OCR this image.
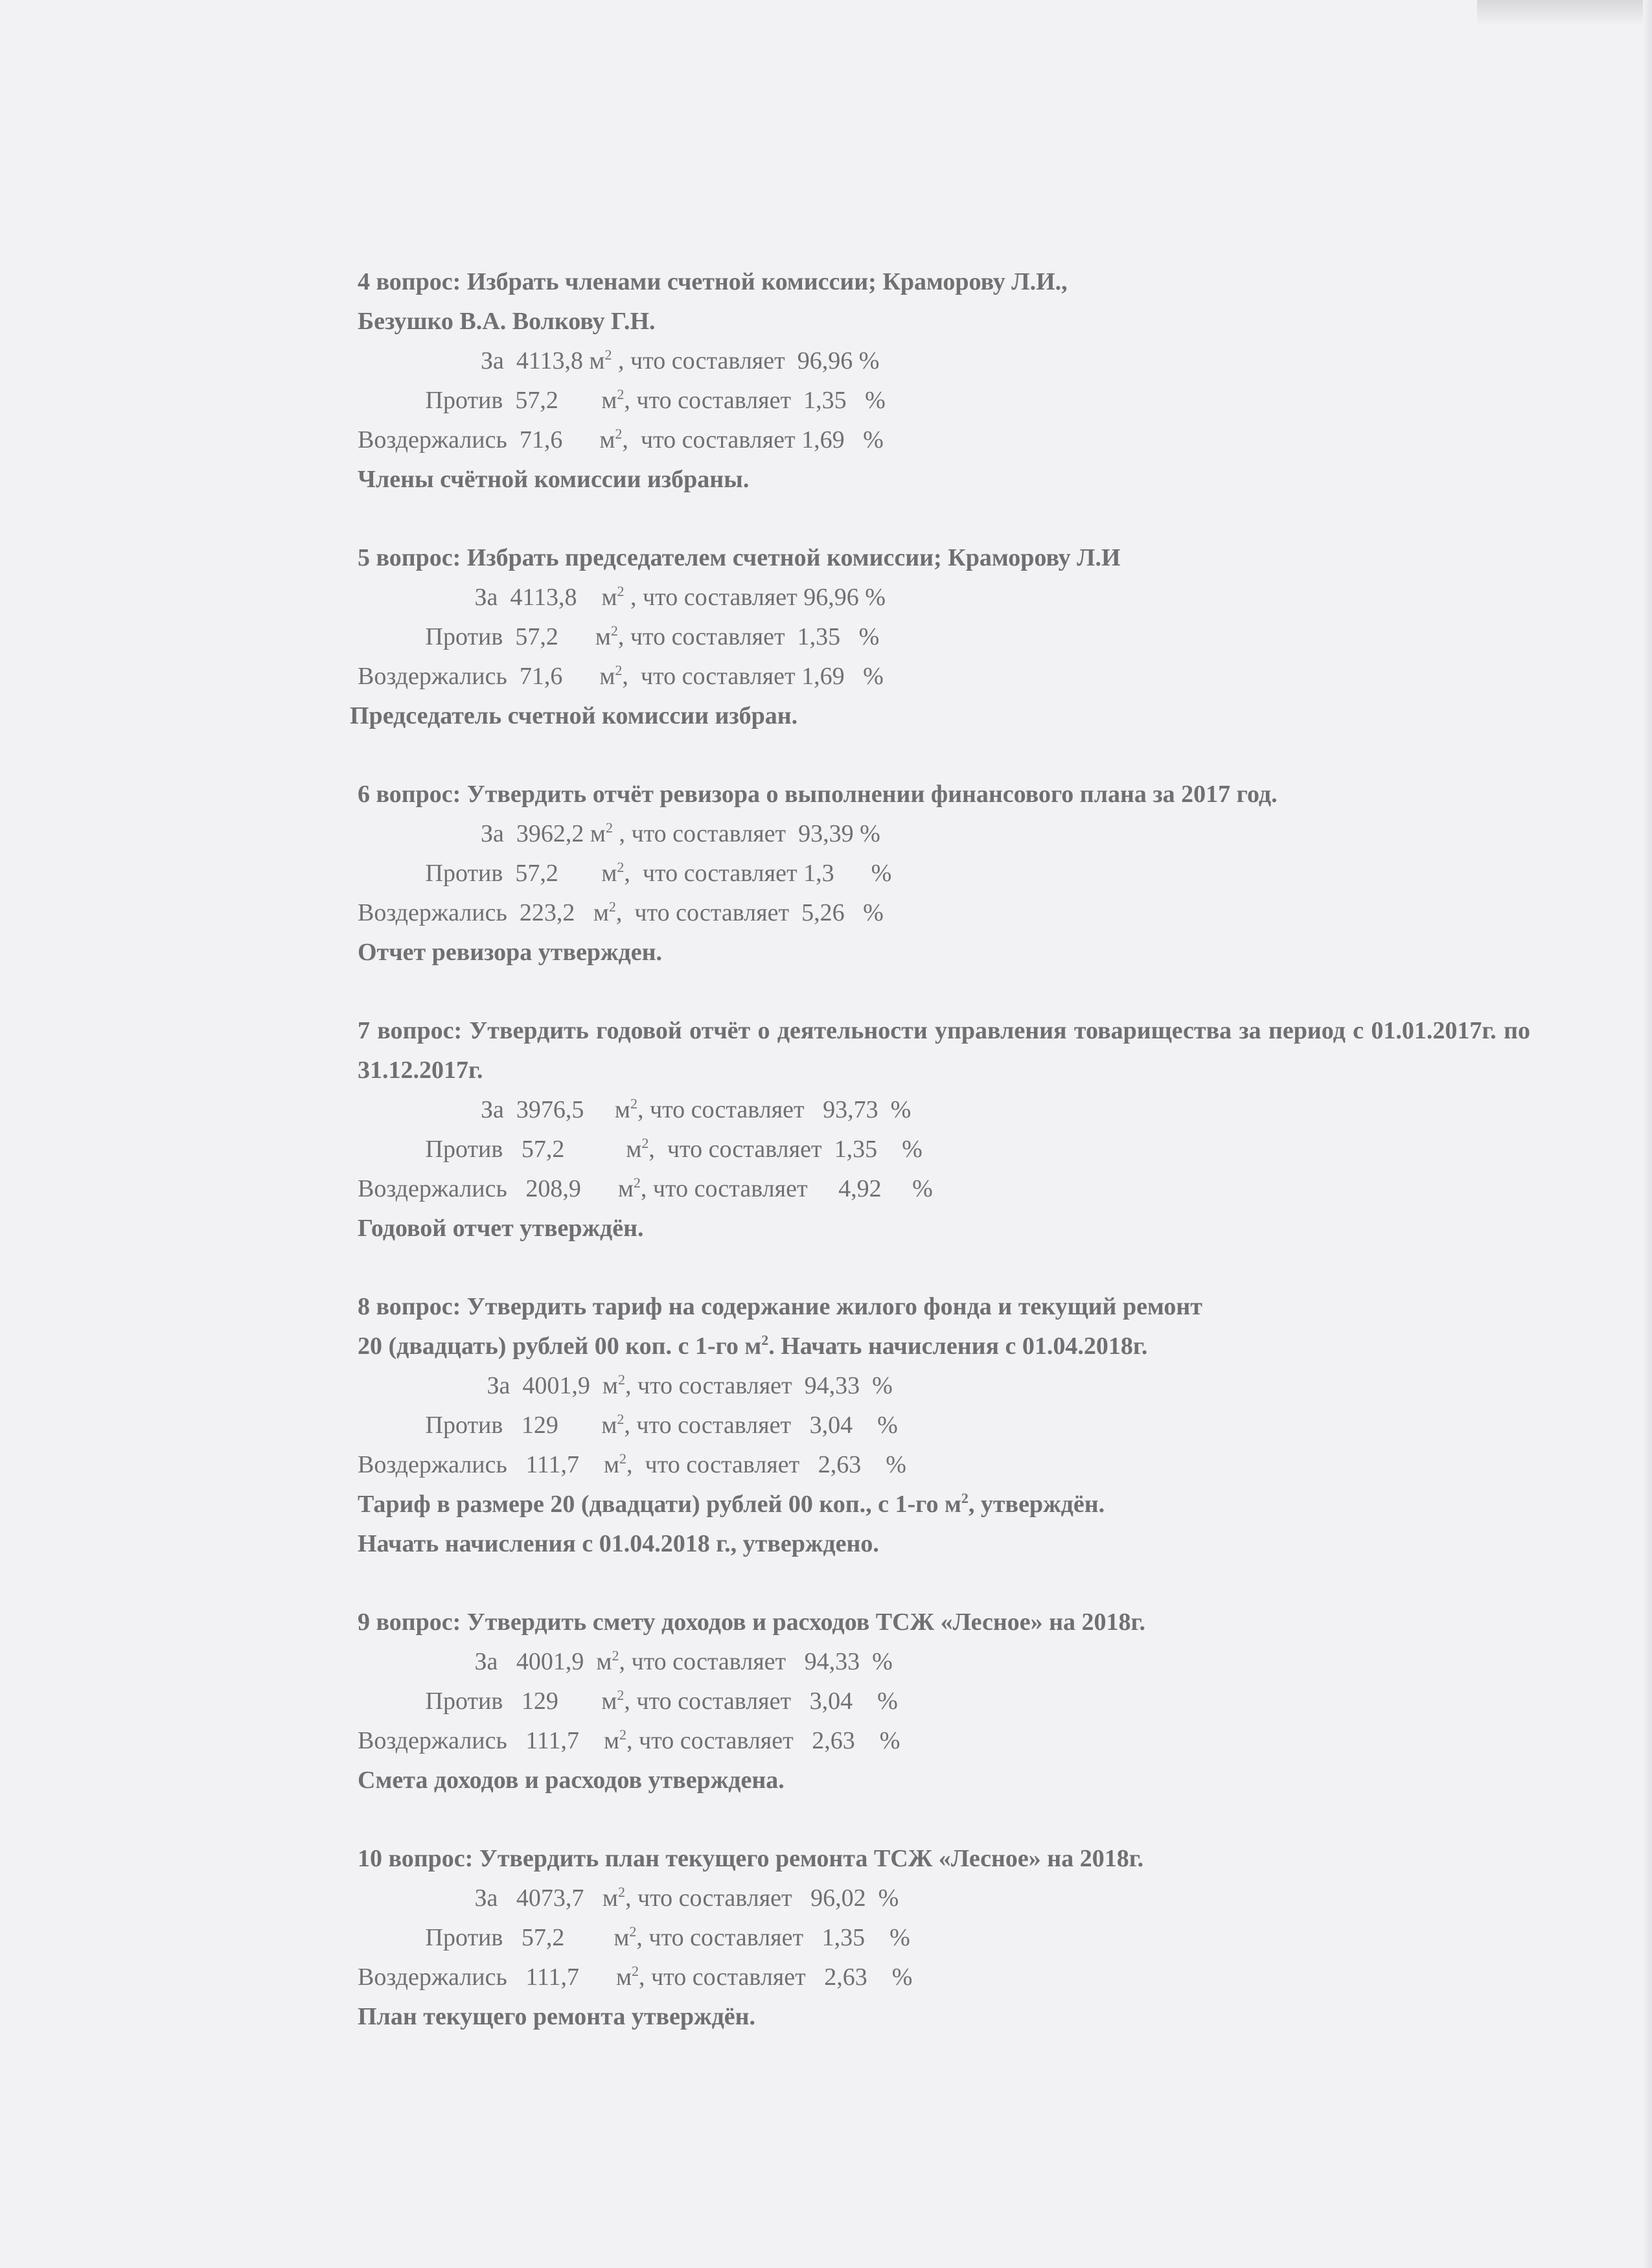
4 вопрос: Избрать членами счетной комиссии; Краморову Л.И.,

Безушко В.А. Волкову Г.Н.

За  4113,8 $м^2$ , что составляет  96,96 %

Против  57,2       $м^2$, что составляет  1,35   %

Воздержались  71,6      $м^2$,  что составляет 1,69   %

Члены счётной комиссии избраны.

5 вопрос: Избрать председателем счетной комиссии; Краморову Л.И

За  4113,8    $м^2$ , что составляет 96,96 %

Против  57,2      $м^2$, что составляет  1,35   %

Воздержались  71,6      $м^2$,  что составляет 1,69   %

Председатель счетной комиссии избран.

6 вопрос: Утвердить отчёт ревизора о выполнении финансового плана за 2017 год.

За  3962,2 $м^2$ , что составляет  93,39 %

Против  57,2       $м^2$,  что составляет 1,3      %

Воздержались  223,2   $м^2$,  что составляет  5,26   %

Отчет ревизора утвержден.

7 вопрос: Утвердить годовой отчёт о деятельности управления товарищества за период с 01.01.2017г. по 31.12.2017г.

За  3976,5     $м^2$, что составляет   93,73  %

Против   57,2          $м^2$,  что составляет  1,35    %

Воздержались   208,9      $м^2$, что составляет     4,92     %

Годовой отчет утверждён.

8 вопрос: Утвердить тариф на содержание жилого фонда и текущий ремонт

20 (двадцать) рублей 00 коп. с 1-го $м^2$. Начать начисления с 01.04.2018г.

За  4001,9  $м^2$, что составляет  94,33  %

Против   129       $м^2$, что составляет   3,04    %

Воздержались   111,7    $м^2$,  что составляет   2,63    %

Тариф в размере 20 (двадцати) рублей 00 коп., с 1-го $м^2$, утверждён.

Начать начисления с 01.04.2018 г., утверждено.

9 вопрос: Утвердить смету доходов и расходов ТСЖ «Лесное» на 2018г.

За   4001,9  $м^2$, что составляет   94,33  %

Против   129       $м^2$, что составляет   3,04    %

Воздержались   111,7    $м^2$, что составляет   2,63    %

Смета доходов и расходов утверждена.

10 вопрос: Утвердить план текущего ремонта ТСЖ «Лесное» на 2018г.

За   4073,7   $м^2$, что составляет   96,02  %

Против   57,2        $м^2$, что составляет   1,35    %

Воздержались   111,7      $м^2$, что составляет   2,63    %

План текущего ремонта утверждён.
